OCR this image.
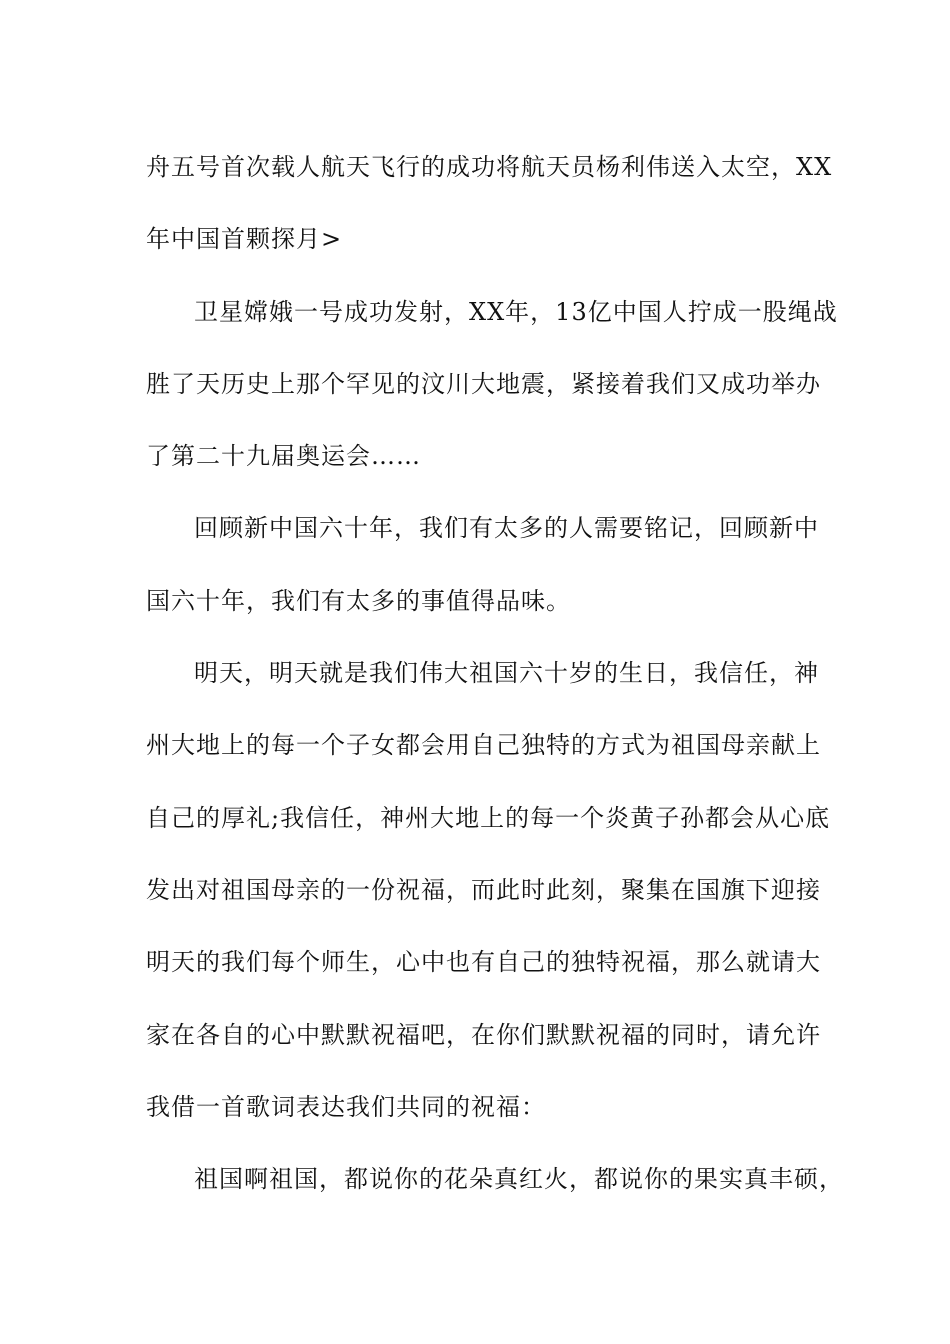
舟五号首次载人航天飞行的成功将航天员杨利伟送入太空，XX
年中国首颗探月>
卫星嫦娥一号成功发射，XX年，13亿中国人拧成一股绳战
胜了天历史上那个罕见的汶川大地震，紧接着我们又成功举办
了第二十九届奥运会……
回顾新中国六十年，我们有太多的人需要铭记，回顾新中
国六十年，我们有太多的事值得品味。
明天，明天就是我们伟大祖国六十岁的生日，我信任，神
州大地上的每一个子女都会用自己独特的方式为祖国母亲献上
自己的厚礼;我信任，神州大地上的每一个炎黄子孙都会从心底
发出对祖国母亲的一份祝福，而此时此刻，聚集在国旗下迎接
明天的我们每个师生，心中也有自己的独特祝福，那么就请大
家在各自的心中默默祝福吧，在你们默默祝福的同时，请允许
我借一首歌词表达我们共同的祝福：
祖国啊祖国，都说你的花朵真红火，都说你的果实真丰硕，
